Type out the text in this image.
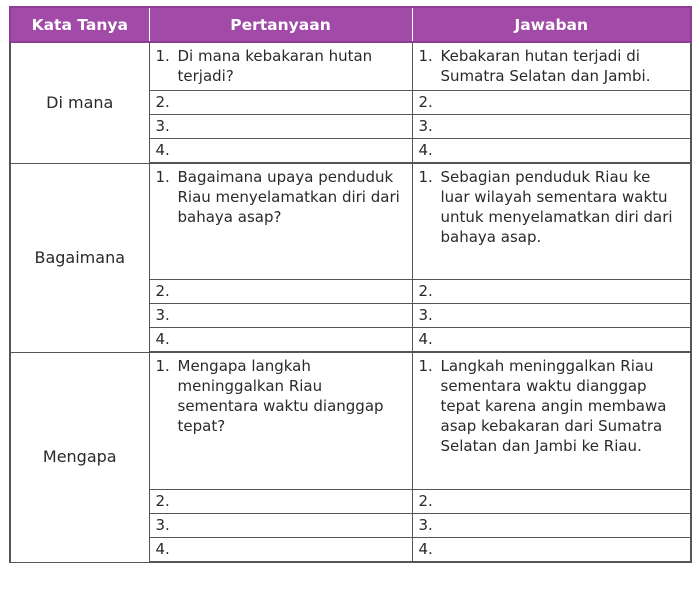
Kata Tanya	Pertanyaan	Jawaban
Di mana	1. Di mana kebakaran hutan terjadi?	1. Kebakaran hutan terjadi di Sumatra Selatan dan Jambi.

	2.	2.

	3.	3.

	4.	4.

Bagaimana	1. Bagaimana upaya penduduk Riau menyelamatkan diri dari bahaya asap?	1. Sebagian penduduk Riau ke luar wilayah sementara waktu untuk menyelamatkan diri dari bahaya asap.

	2.	2.

	3.	3.

	4.	4.

Mengapa	1. Mengapa langkah meninggalkan Riau sementara waktu dianggap tepat?	1. Langkah meninggalkan Riau sementara waktu dianggap tepat karena angin membawa asap kebakaran dari Sumatra Selatan dan Jambi ke Riau.

	2.	2.

	3.	3.

	4.	4.
